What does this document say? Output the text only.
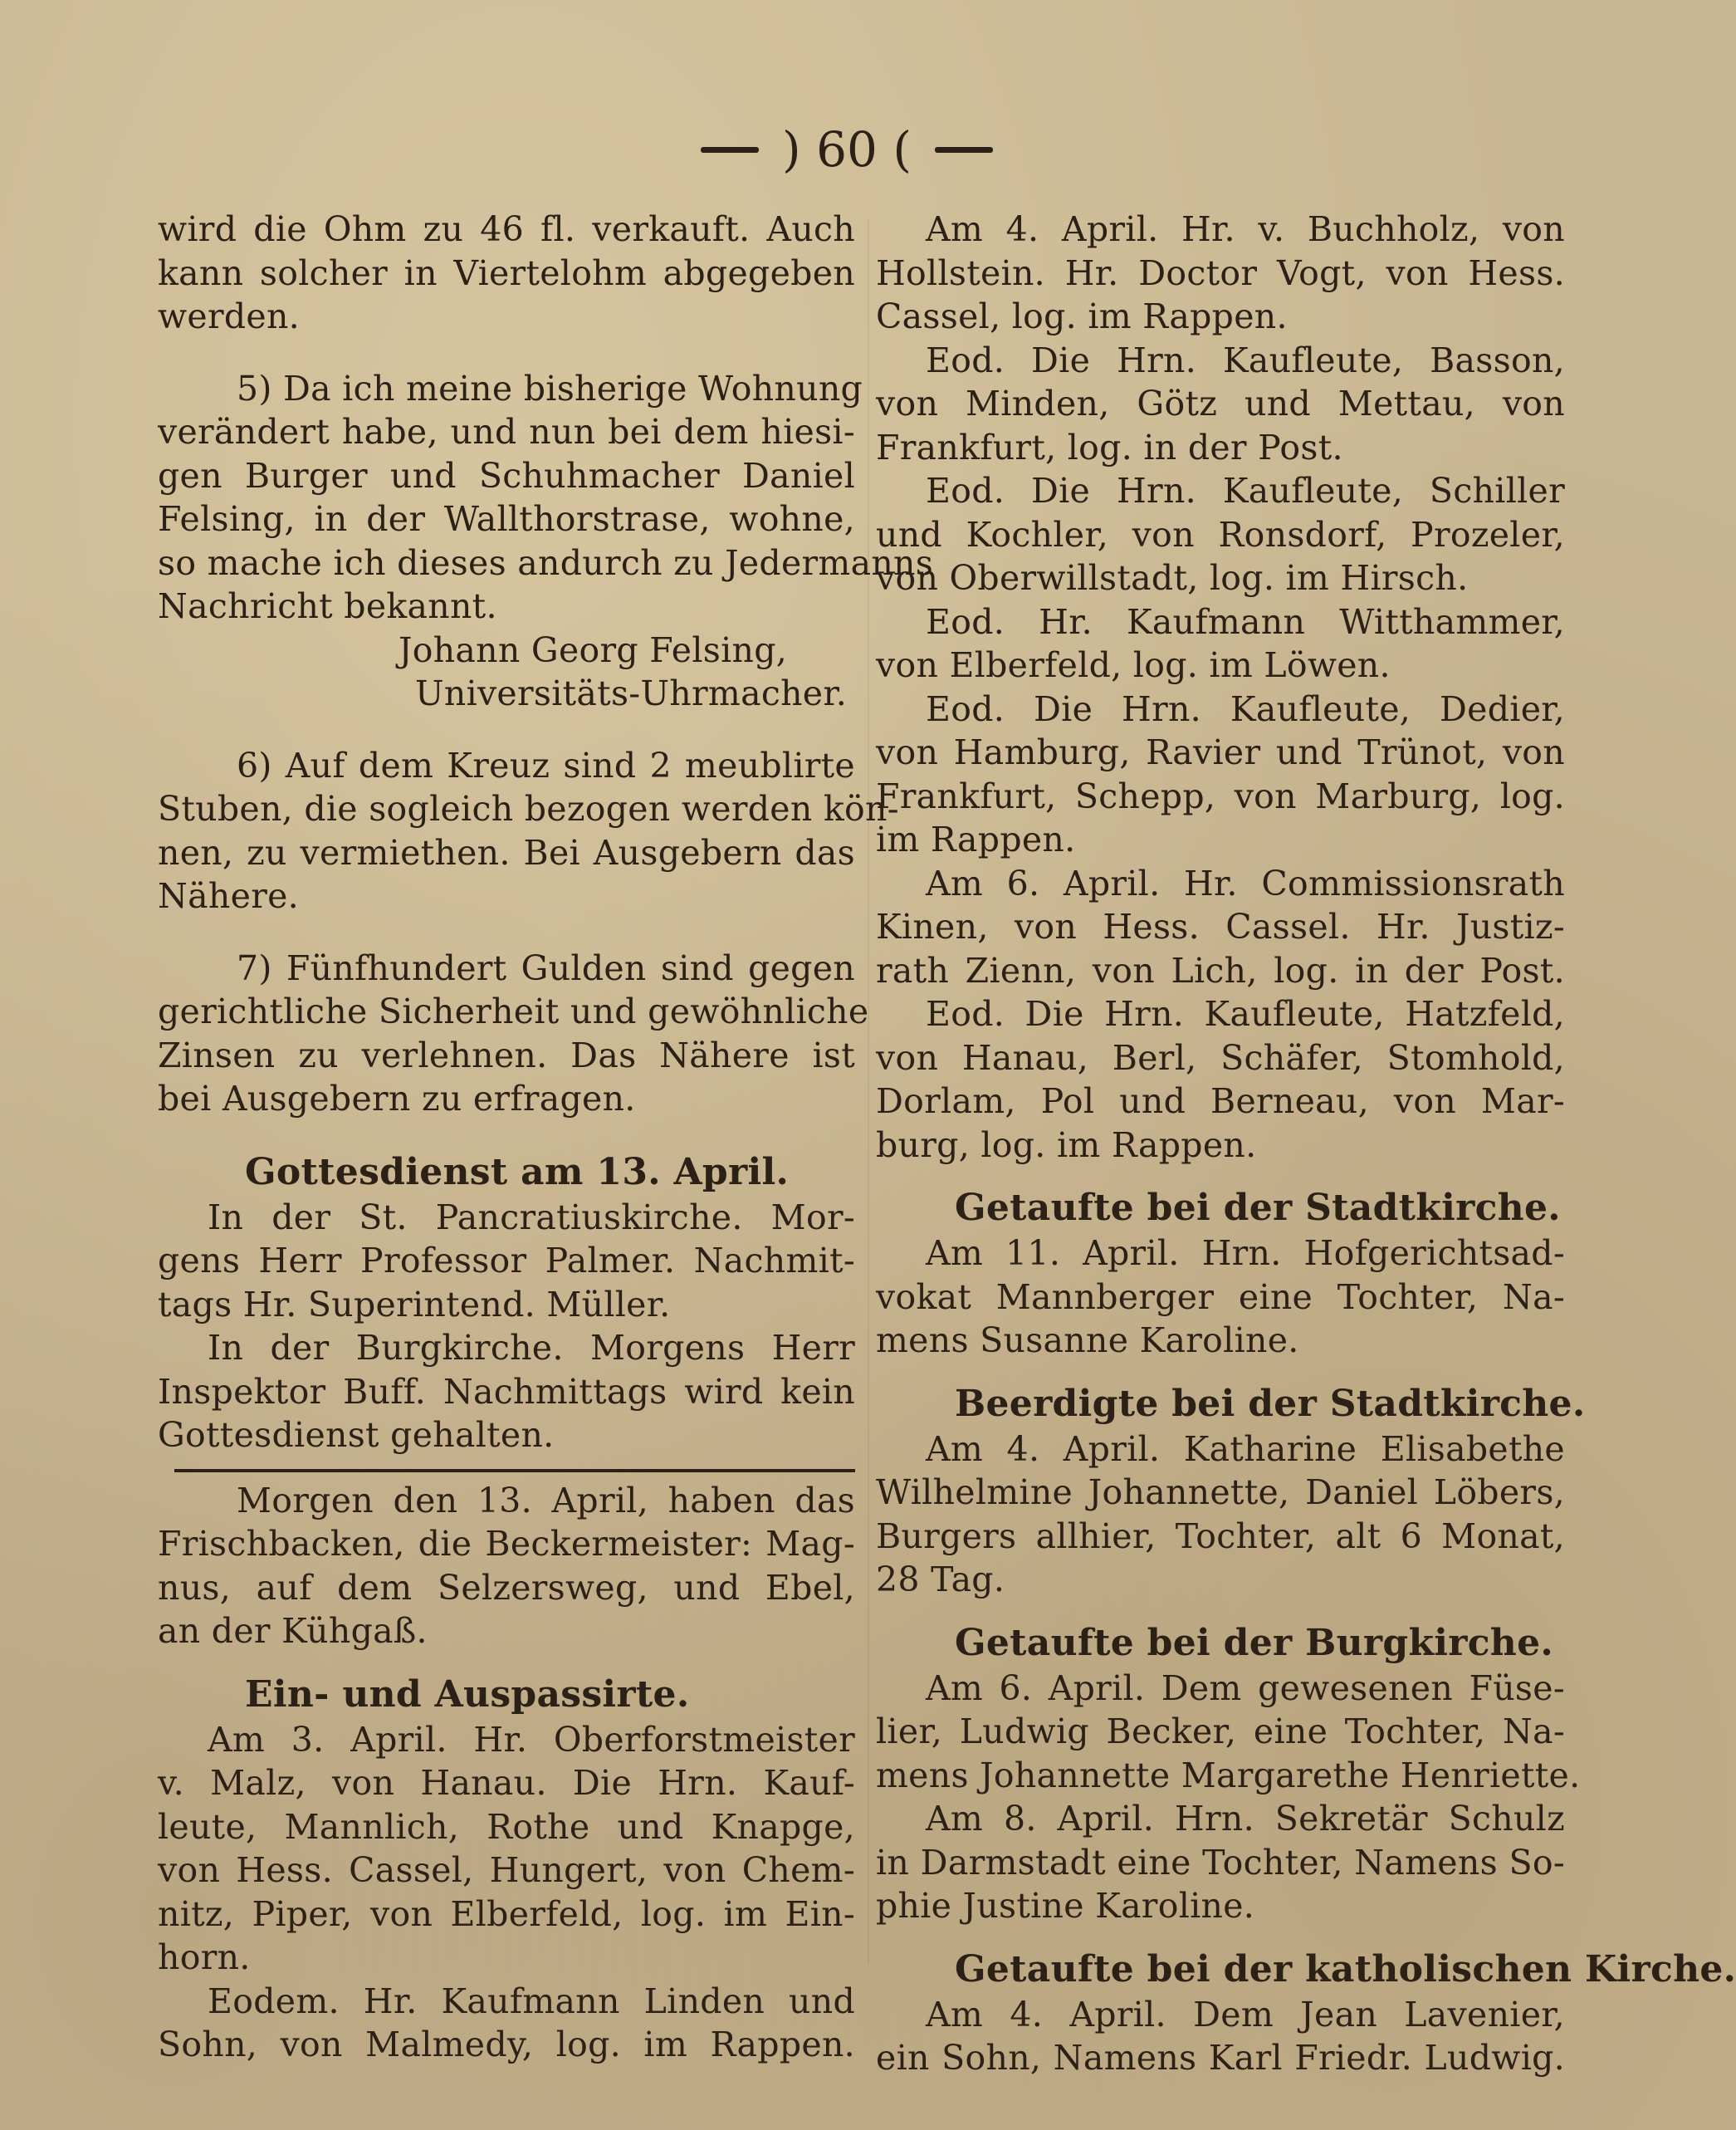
) 60 (
wird die Ohm zu 46 fl. verkauft. Auch
kann solcher in Viertelohm abgegeben
werden.
5) Da ich meine bisherige Wohnung
verändert habe, und nun bei dem hiesi-
gen Burger und Schuhmacher Daniel
Felsing, in der Wallthorstrase, wohne,
so mache ich dieses andurch zu Jedermanns
Nachricht bekannt.
Johann Georg Felsing,
Universitäts-Uhrmacher.
6) Auf dem Kreuz sind 2 meublirte
Stuben, die sogleich bezogen werden kön-
nen, zu vermiethen. Bei Ausgebern das
Nähere.
7) Fünfhundert Gulden sind gegen
gerichtliche Sicherheit und gewöhnliche
Zinsen zu verlehnen. Das Nähere ist
bei Ausgebern zu erfragen.
Gottesdienst am 13. April.
In der St. Pancratiuskirche. Mor-
gens Herr Professor Palmer. Nachmit-
tags Hr. Superintend. Müller.
In der Burgkirche. Morgens Herr
Inspektor Buff. Nachmittags wird kein
Gottesdienst gehalten.
Morgen den 13. April, haben das
Frischbacken, die Beckermeister: Mag-
nus, auf dem Selzersweg, und Ebel,
an der Kühgaß.
Ein- und Auspassirte.
Am 3. April. Hr. Oberforstmeister
v. Malz, von Hanau. Die Hrn. Kauf-
leute, Mannlich, Rothe und Knapge,
von Hess. Cassel, Hungert, von Chem-
nitz, Piper, von Elberfeld, log. im Ein-
horn.
Eodem. Hr. Kaufmann Linden und
Sohn, von Malmedy, log. im Rappen.
Am 4. April. Hr. v. Buchholz, von
Hollstein. Hr. Doctor Vogt, von Hess.
Cassel, log. im Rappen.
Eod. Die Hrn. Kaufleute, Basson,
von Minden, Götz und Mettau, von
Frankfurt, log. in der Post.
Eod. Die Hrn. Kaufleute, Schiller
und Kochler, von Ronsdorf, Prozeler,
von Oberwillstadt, log. im Hirsch.
Eod. Hr. Kaufmann Witthammer,
von Elberfeld, log. im Löwen.
Eod. Die Hrn. Kaufleute, Dedier,
von Hamburg, Ravier und Trünot, von
Frankfurt, Schepp, von Marburg, log.
im Rappen.
Am 6. April. Hr. Commissionsrath
Kinen, von Hess. Cassel. Hr. Justiz-
rath Zienn, von Lich, log. in der Post.
Eod. Die Hrn. Kaufleute, Hatzfeld,
von Hanau, Berl, Schäfer, Stomhold,
Dorlam, Pol und Berneau, von Mar-
burg, log. im Rappen.
Getaufte bei der Stadtkirche.
Am 11. April. Hrn. Hofgerichtsad-
vokat Mannberger eine Tochter, Na-
mens Susanne Karoline.
Beerdigte bei der Stadtkirche.
Am 4. April. Katharine Elisabethe
Wilhelmine Johannette, Daniel Löbers,
Burgers allhier, Tochter, alt 6 Monat,
28 Tag.
Getaufte bei der Burgkirche.
Am 6. April. Dem gewesenen Füse-
lier, Ludwig Becker, eine Tochter, Na-
mens Johannette Margarethe Henriette.
Am 8. April. Hrn. Sekretär Schulz
in Darmstadt eine Tochter, Namens So-
phie Justine Karoline.
Getaufte bei der katholischen Kirche.
Am 4. April. Dem Jean Lavenier,
ein Sohn, Namens Karl Friedr. Ludwig.
